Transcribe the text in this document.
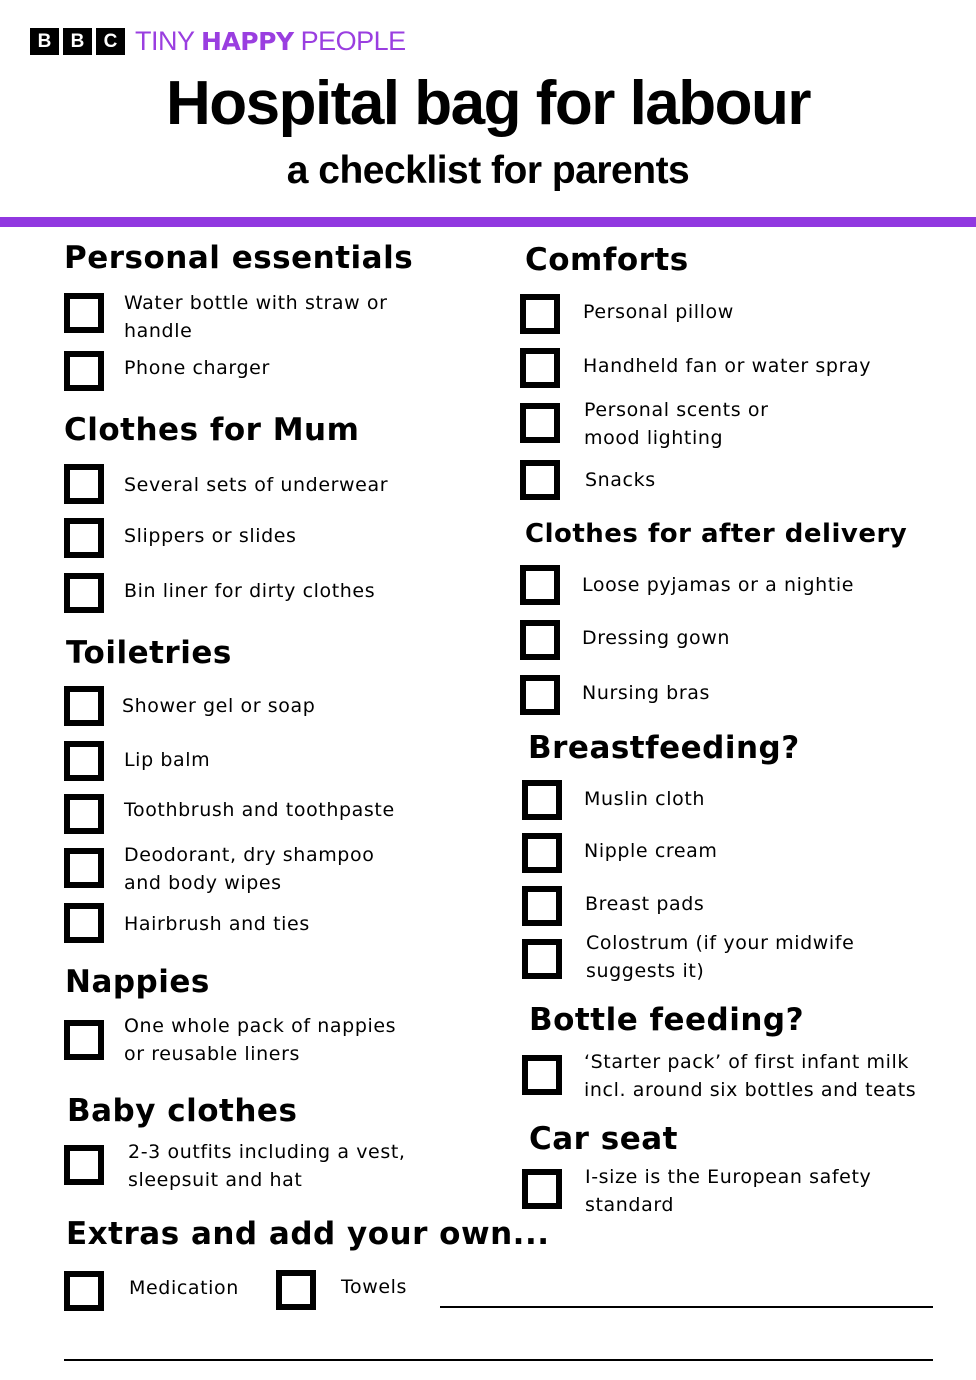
B	B	C TINY HAPPY PEOPLE
Hospital bag for labour
a checklist for parents
Personal essentials
Water bottle with straw or
handle
Phone charger
Clothes for Mum
Several sets of underwear
Slippers or slides
Bin liner for dirty clothes
Toiletries
Shower gel or soap
Lip balm
Toothbrush and toothpaste
Deodorant, dry shampoo
and body wipes
Hairbrush and ties
Nappies
One whole pack of nappies
or reusable liners
Baby clothes
2-3 outfits including a vest,
sleepsuit and hat
Extras and add your own...
Medication	Towels
Comforts
Personal pillow
Handheld fan or water spray
Personal scents or
mood lighting
Snacks
Clothes for after delivery
Loose pyjamas or a nightie
Dressing gown
Nursing bras
Breastfeeding?
Muslin cloth
Nipple cream
Breast pads
Colostrum (if your midwife
suggests it)
Bottle feeding?
‘Starter pack’ of first infant milk
incl. around six bottles and teats
Car seat
I-size is the European safety
standard
